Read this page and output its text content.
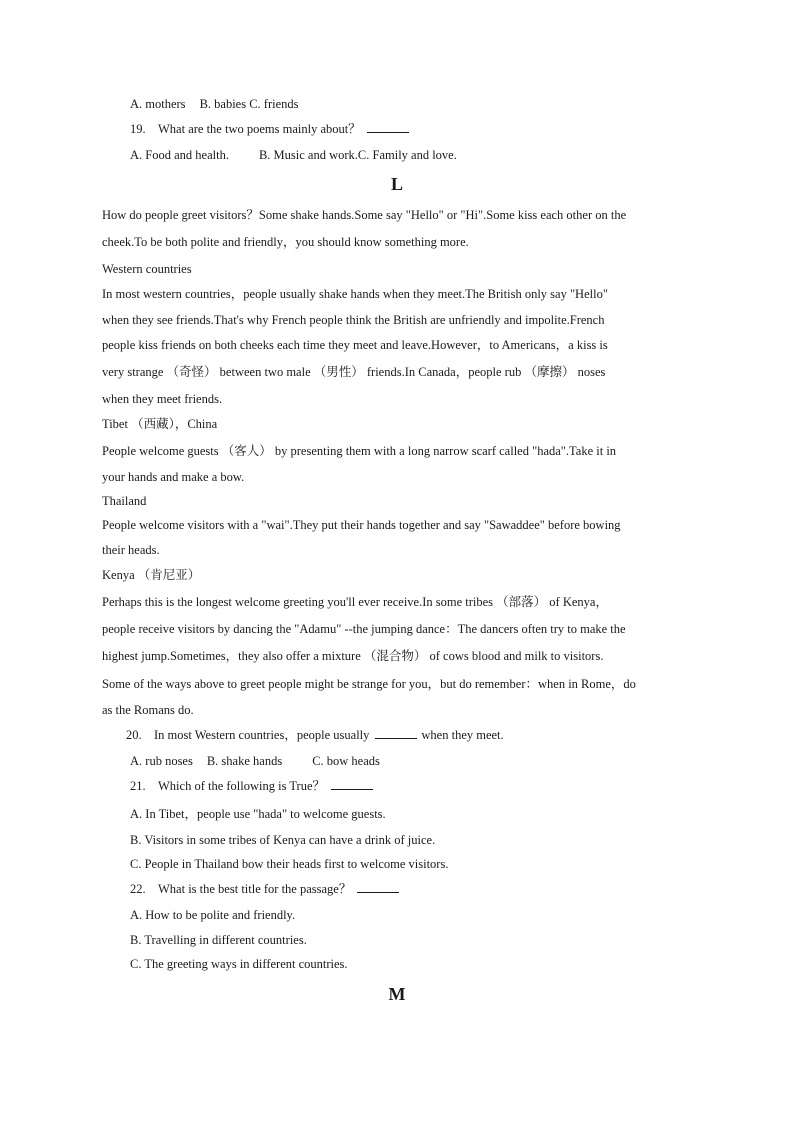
A. mothers B. babies C. friends
19. What are the two poems mainly about？
A. Food and health. B. Music and work.C. Family and love.
L
How do people greet visitors？Some shake hands.Some say "Hello" or "Hi".Some kiss each other on the
cheek.To be both polite and friendly，you should know something more.
Western countries
In most western countries，people usually shake hands when they meet.The British only say "Hello"
when they see friends.That's why French people think the British are unfriendly and impolite.French
people kiss friends on both cheeks each time they meet and leave.However，to Americans，a kiss is
very strange （奇怪） between two male （男性） friends.In Canada，people rub （摩擦） noses
when they meet friends.
Tibet （西藏），China
People welcome guests （客人） by presenting them with a long narrow scarf called "hada".Take it in
your hands and make a bow.
Thailand
People welcome visitors with a "wai".They put their hands together and say "Sawaddee" before bowing
their heads.
Kenya （肯尼亚）
Perhaps this is the longest welcome greeting you'll ever receive.In some tribes （部落） of Kenya，
people receive visitors by dancing the "Adamu" --the jumping dance：The dancers often try to make the
highest jump.Sometimes，they also offer a mixture （混合物） of cows blood and milk to visitors.
Some of the ways above to greet people might be strange for you，but do remember：when in Rome，do
as the Romans do.
20. In most Western countries，people usually	when they meet.
A. rub noses B. shake hands C. bow heads
21. Which of the following is True？
A. In Tibet，people use "hada" to welcome guests.
B. Visitors in some tribes of Kenya can have a drink of juice.
C. People in Thailand bow their heads first to welcome visitors.
22. What is the best title for the passage？
A. How to be polite and friendly.
B. Travelling in different countries.
C. The greeting ways in different countries.
M
